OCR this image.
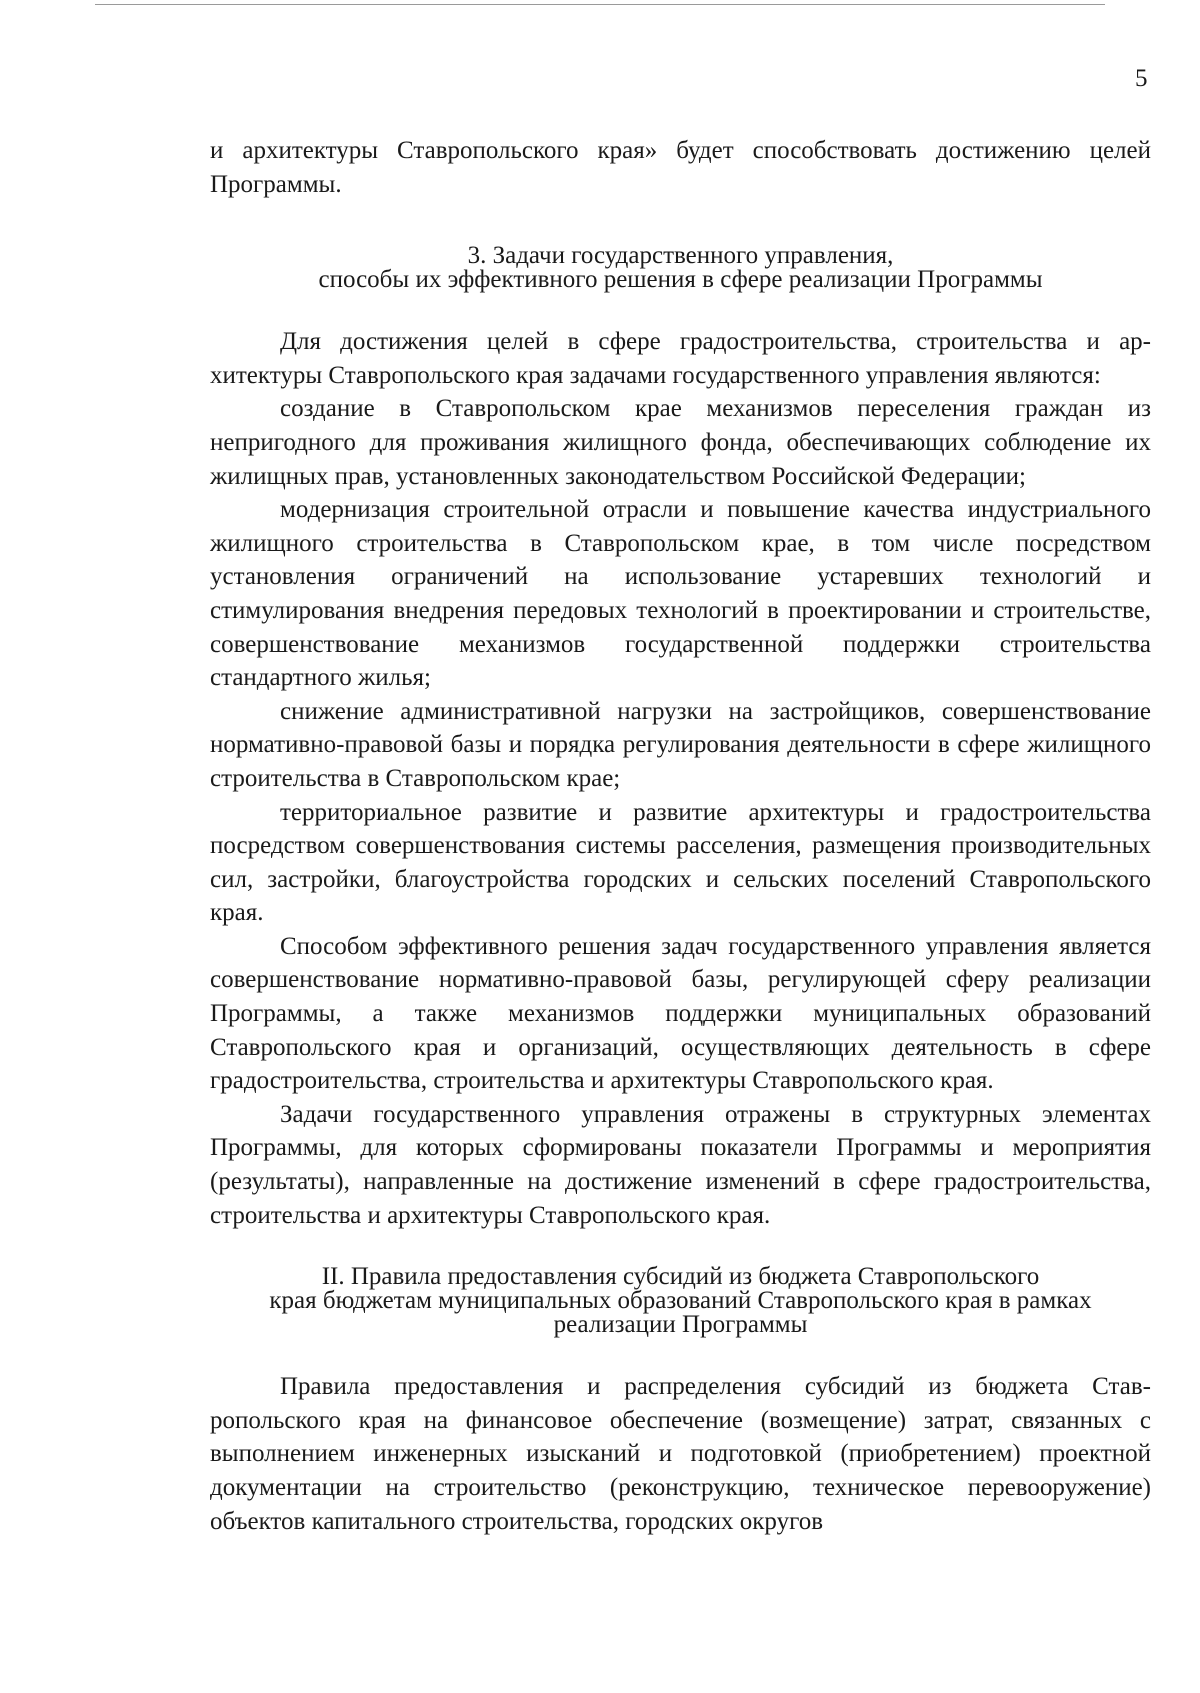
5

и архитектуры Ставропольского края» будет способствовать достижению целей Программы.

3. Задачи государственного управления,
способы их эффективного решения в сфере реализации Программы

Для достижения целей в сфере градостроительства, строительства и архитектуры Ставропольского края задачами государственного управления являются:

создание в Ставропольском крае механизмов переселения граждан из непригодного для проживания жилищного фонда, обеспечивающих соблюдение их жилищных прав, установленных законодательством Российской Федерации;

модернизация строительной отрасли и повышение качества индустриального жилищного строительства в Ставропольском крае, в том числе посредством установления ограничений на использование устаревших технологий и стимулирования внедрения передовых технологий в проектировании и строительстве, совершенствование механизмов государственной поддержки строительства стандартного жилья;

снижение административной нагрузки на застройщиков, совершенствование нормативно-правовой базы и порядка регулирования деятельности в сфере жилищного строительства в Ставропольском крае;

территориальное развитие и развитие архитектуры и градостроительства посредством совершенствования системы расселения, размещения производительных сил, застройки, благоустройства городских и сельских поселений Ставропольского края.

Способом эффективного решения задач государственного управления является совершенствование нормативно-правовой базы, регулирующей сферу реализации Программы, а также механизмов поддержки муниципальных образований Ставропольского края и организаций, осуществляющих деятельность в сфере градостроительства, строительства и архитектуры Ставропольского края.

Задачи государственного управления отражены в структурных элементах Программы, для которых сформированы показатели Программы и мероприятия (результаты), направленные на достижение изменений в сфере градостроительства, строительства и архитектуры Ставропольского края.

II. Правила предоставления субсидий из бюджета Ставропольского
края бюджетам муниципальных образований Ставропольского края в рамках
реализации Программы

Правила предоставления и распределения субсидий из бюджета Ставропольского края на финансовое обеспечение (возмещение) затрат, связанных с выполнением инженерных изысканий и подготовкой (приобретением) проектной документации на строительство (реконструкцию, техническое перевооружение) объектов капитального строительства, городских округов
